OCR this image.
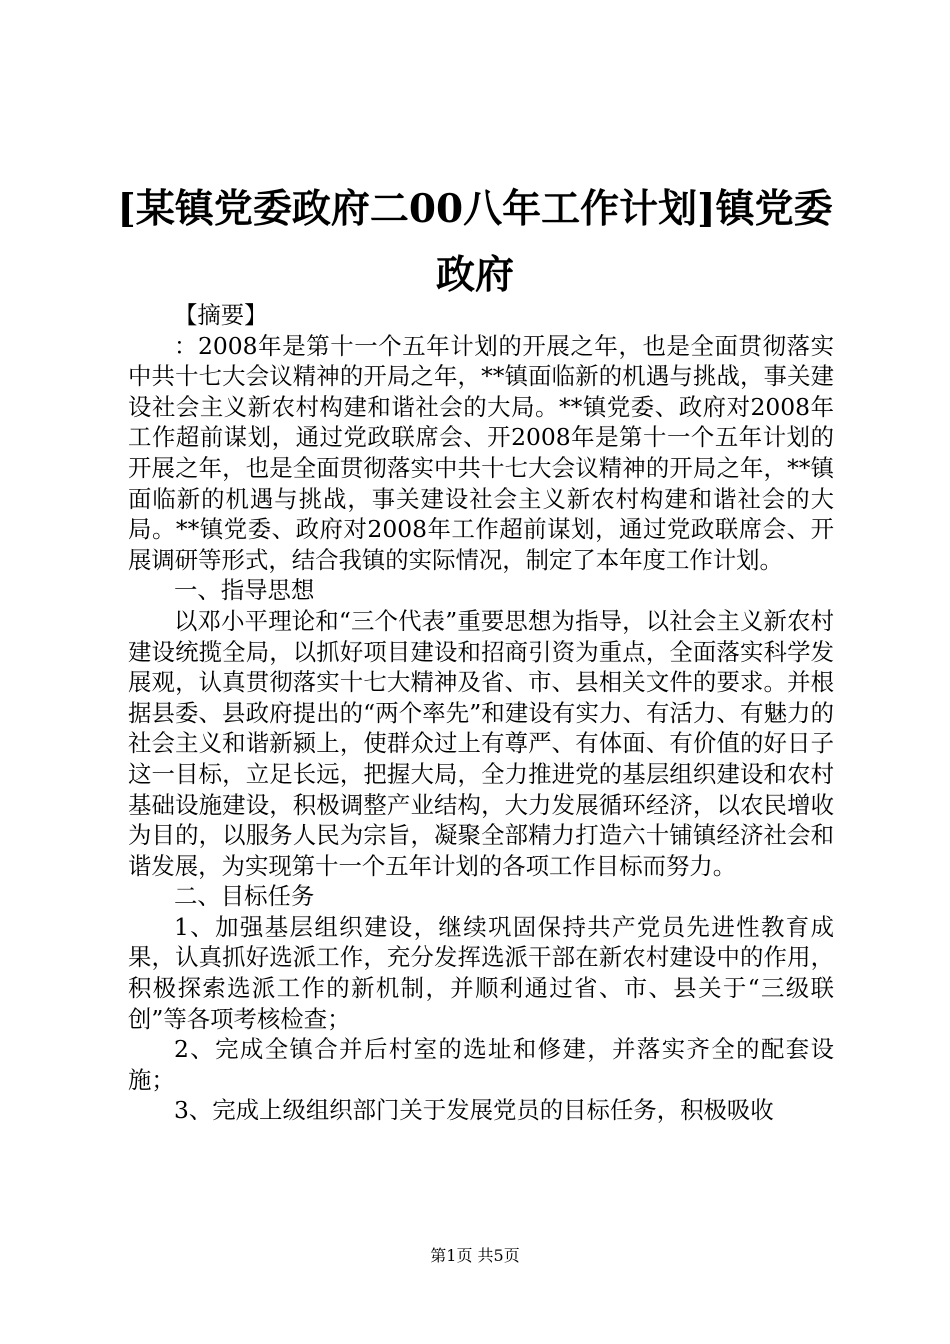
[某镇党委政府二00八年工作计划]镇党委政府

【摘要】

：2008年是第十一个五年计划的开展之年，也是全面贯彻落实中共十七大会议精神的开局之年，**镇面临新的机遇与挑战，事关建设社会主义新农村构建和谐社会的大局。**镇党委、政府对2008年工作超前谋划，通过党政联席会、开2008年是第十一个五年计划的开展之年，也是全面贯彻落实中共十七大会议精神的开局之年，**镇面临新的机遇与挑战，事关建设社会主义新农村构建和谐社会的大局。**镇党委、政府对2008年工作超前谋划，通过党政联席会、开展调研等形式，结合我镇的实际情况，制定了本年度工作计划。

一、指导思想

以邓小平理论和“三个代表”重要思想为指导，以社会主义新农村建设统揽全局，以抓好项目建设和招商引资为重点，全面落实科学发展观，认真贯彻落实十七大精神及省、市、县相关文件的要求。并根据县委、县政府提出的“两个率先”和建设有实力、有活力、有魅力的社会主义和谐新颍上，使群众过上有尊严、有体面、有价值的好日子这一目标，立足长远，把握大局，全力推进党的基层组织建设和农村基础设施建设，积极调整产业结构，大力发展循环经济，以农民增收为目的，以服务人民为宗旨，凝聚全部精力打造六十铺镇经济社会和谐发展，为实现第十一个五年计划的各项工作目标而努力。

二、目标任务

1、加强基层组织建设，继续巩固保持共产党员先进性教育成果，认真抓好选派工作，充分发挥选派干部在新农村建设中的作用，积极探索选派工作的新机制，并顺利通过省、市、县关于“三级联创”等各项考核检查；

2、完成全镇合并后村室的选址和修建，并落实齐全的配套设施；

3、完成上级组织部门关于发展党员的目标任务，积极吸收

第1页 共5页
